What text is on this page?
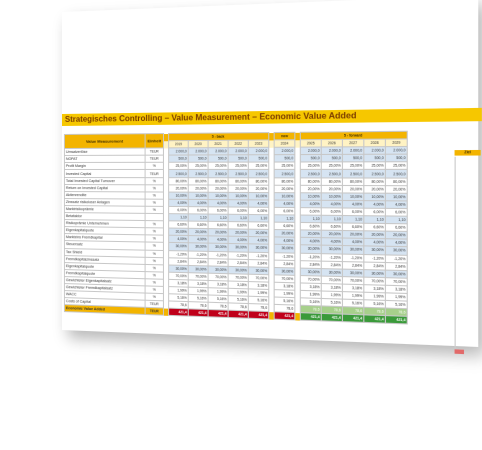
Strategisches Controlling – Value Measurement – Economic Value Added
Value Measurement	Einheit		5 - back						now		5 - forward				
			2019	2020	2021	2022	2023		2024		2025	2026	2027	2028	2029
Umsatzerlöse	TEUR		2.000,0	2.000,0	2.000,0	2.000,0	2.000,0		2.000,0		2.000,0	2.000,0	2.000,0	2.000,0	2.000,0
NOPAT	TEUR		500,0	500,0	500,0	500,0	500,0		500,0		500,0	500,0	500,0	500,0	500,0
Profit Margin	%		25,00%	25,00%	25,00%	25,00%	25,00%		25,00%		25,00%	25,00%	25,00%	25,00%	25,00%
Invested Capital	TEUR		2.500,0	2.500,0	2.500,0	2.500,0	2.500,0		2.500,0		2.500,0	2.500,0	2.500,0	2.500,0	2.500,0
Total Invested Capital Turnover	%		80,00%	80,00%	80,00%	80,00%	80,00%		80,00%		80,00%	80,00%	80,00%	80,00%	80,00%
Return on Invested Capital	%		20,00%	20,00%	20,00%	20,00%	20,00%		20,00%		20,00%	20,00%	20,00%	20,00%	20,00%
Aktienrendite	%		10,00%	10,00%	10,00%	10,00%	10,00%		10,00%		10,00%	10,00%	10,00%	10,00%	10,00%
Zinssatz risikoloser Anlagen	%		4,00%	4,00%	4,00%	4,00%	4,00%		4,00%		4,00%	4,00%	4,00%	4,00%	4,00%
Marktrisikoprämie	%		6,00%	6,00%	6,00%	6,00%	6,00%		6,00%		6,00%	6,00%	6,00%	6,00%	6,00%
Betafaktor			1,10	1,10	1,10	1,10	1,10		1,10		1,10	1,10	1,10	1,10	1,10
Risikoprämie Unternehmen	%		6,60%	6,60%	6,60%	6,60%	6,60%		6,60%		6,60%	6,60%	6,60%	6,60%	6,60%
Eigenkapitalquote	%		20,00%	20,00%	20,00%	20,00%	20,00%		20,00%		20,00%	20,00%	20,00%	20,00%	20,00%
Marktzins Fremdkapital	%		4,00%	4,00%	4,00%	4,00%	4,00%		4,00%		4,00%	4,00%	4,00%	4,00%	4,00%
Steuersatz	%		30,00%	30,00%	30,00%	30,00%	30,00%		30,00%		30,00%	30,00%	30,00%	30,00%	30,00%
Tax Shield	%		-1,20%	-1,20%	-1,20%	-1,20%	-1,20%		-1,20%		-1,20%	-1,20%	-1,20%	-1,20%	-1,20%
Fremdkapitalzinssatz	%		2,84%	2,84%	2,84%	2,84%	2,84%		2,84%		2,84%	2,84%	2,84%	2,84%	2,84%
Eigenkapitalquote	%		30,00%	30,00%	30,00%	30,00%	30,00%		30,00%		30,00%	30,00%	30,00%	30,00%	30,00%
Fremdkapitalquote	%		70,00%	70,00%	70,00%	70,00%	70,00%		70,00%		70,00%	70,00%	70,00%	70,00%	70,00%
Gewichteter Eigenkapitalsatz	%		3,18%	3,18%	3,18%	3,18%	3,18%		3,18%		3,18%	3,18%	3,18%	3,18%	3,18%
Gewichteter Fremdkapitalsatz	%		1,99%	1,99%	1,99%	1,99%	1,99%		1,99%		1,99%	1,99%	1,99%	1,99%	1,99%
WACC	%		5,16%	5,16%	5,16%	5,16%	5,16%		5,16%		5,16%	5,16%	5,16%	5,16%	5,16%
Costs of Capital	TEUR		78,6	78,6	78,6	78,6	78,6		78,6		78,6	78,6	78,6	78,6	78,6
Economic Value Added	TEUR		421,4	421,4	421,4	421,4	421,4		421,4		421,4	421,4	421,4	421,4	421,4
Ziel
